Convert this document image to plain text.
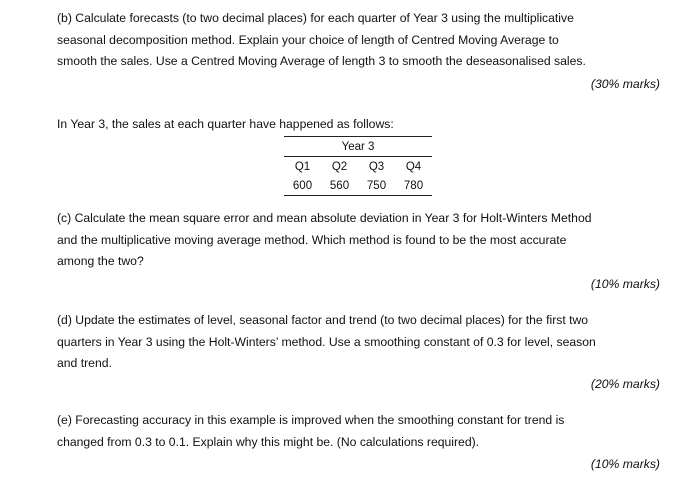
(b) Calculate forecasts (to two decimal places) for each quarter of Year 3 using the multiplicative
seasonal decomposition method. Explain your choice of length of Centred Moving Average to
smooth the sales. Use a Centred Moving Average of length 3 to smooth the deseasonalised sales.

(30% marks)
In Year 3, the sales at each quarter have happened as follows:
Year 3			
Q1	Q2	Q3	Q4
600	560	750	780

(c) Calculate the mean square error and mean absolute deviation in Year 3 for Holt-Winters Method
and the multiplicative moving average method. Which method is found to be the most accurate
among the two?

(10% marks)

(d) Update the estimates of level, seasonal factor and trend (to two decimal places) for the first two
quarters in Year 3 using the Holt-Winters’ method. Use a smoothing constant of 0.3 for level, season
and trend.

(20% marks)

(e) Forecasting accuracy in this example is improved when the smoothing constant for trend is
changed from 0.3 to 0.1. Explain why this might be. (No calculations required).

(10% marks)
